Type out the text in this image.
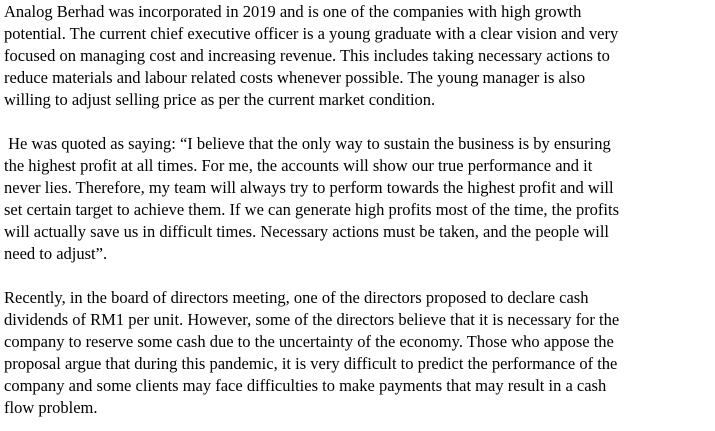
Analog Berhad was incorporated in 2019 and is one of the companies with high growth
potential. The current chief executive officer is a young graduate with a clear vision and very
focused on managing cost and increasing revenue. This includes taking necessary actions to
reduce materials and labour related costs whenever possible. The young manager is also
willing to adjust selling price as per the current market condition.
He was quoted as saying: “I believe that the only way to sustain the business is by ensuring
the highest profit at all times. For me, the accounts will show our true performance and it
never lies. Therefore, my team will always try to perform towards the highest profit and will
set certain target to achieve them. If we can generate high profits most of the time, the profits
will actually save us in difficult times. Necessary actions must be taken, and the people will
need to adjust”.
Recently, in the board of directors meeting, one of the directors proposed to declare cash
dividends of RM1 per unit. However, some of the directors believe that it is necessary for the
company to reserve some cash due to the uncertainty of the economy. Those who appose the
proposal argue that during this pandemic, it is very difficult to predict the performance of the
company and some clients may face difficulties to make payments that may result in a cash
flow problem.
